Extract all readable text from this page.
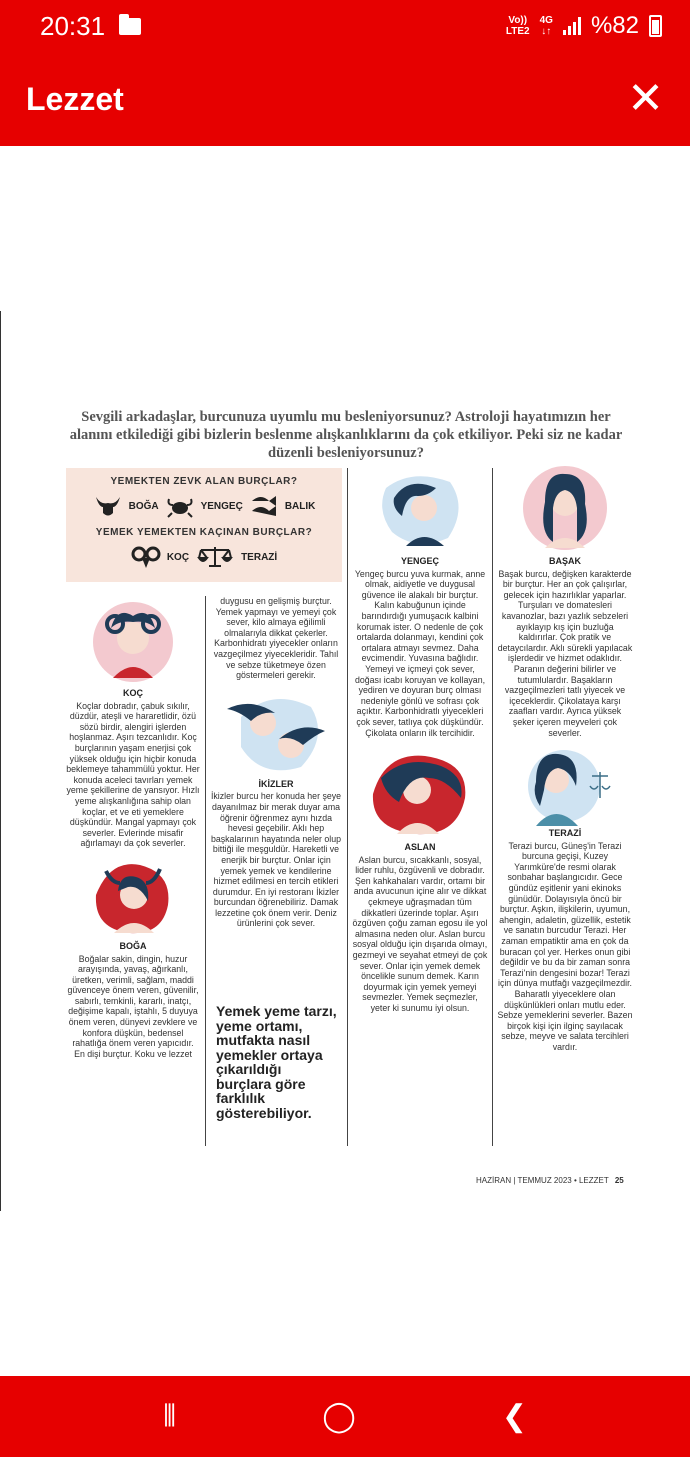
20:31	Vo))
LTE2
4G
↓↑ %82
Lezzet	✕
Sevgili arkadaşlar, burcunuza uyumlu mu besleniyorsunuz? Astroloji hayatımızın her alanını etkilediği gibi bizlerin beslenme alışkanlıklarını da çok etkiliyor. Peki siz ne kadar düzenli besleniyorsunuz?
YEMEKTEN ZEVK ALAN BURÇLAR?
BOĞA	YENGEÇ	BALIK
YEMEK YEMEKTEN KAÇINAN BURÇLAR?
KOÇ	TERAZİ
KOÇ

Koçlar dobradır, çabuk sıkılır, düzdür, ateşli ve hararetlidir, özü sözü birdir, alengiri işlerden hoşlanmaz. Aşırı tezcanlıdır. Koç burçlarının yaşam enerjisi çok yüksek olduğu için hiçbir konuda beklemeye tahammülü yoktur. Her konuda aceleci tavırları yemek yeme şekillerine de yansıyor. Hızlı yeme alışkanlığına sahip olan koçlar, et ve eti yemeklere düşkündür. Mangal yapmayı çok severler. Evlerinde misafir ağırlamayı da çok severler.

BOĞA

Boğalar sakin, dingin, huzur arayışında, yavaş, ağırkanlı, üretken, verimli, sağlam, maddi güvenceye önem veren, güvenilir, sabırlı, temkinli, kararlı, inatçı, değişime kapalı, iştahlı, 5 duyuya önem veren, dünyevi zevklere ve konfora düşkün, bedensel rahatlığa önem veren yapıcıdır. En dişi burçtur. Koku ve lezzet

duygusu en gelişmiş burçtur. Yemek yapmayı ve yemeyi çok sever, kilo almaya eğilimli olmalarıyla dikkat çekerler. Karbonhidratı yiyecekler onların vazgeçilmez yiyecekleridir. Tahıl ve sebze tüketmeye özen göstermeleri gerekir.

İKİZLER

İkizler burcu her konuda her şeye dayanılmaz bir merak duyar ama öğrenir öğrenmez aynı hızda hevesi geçebilir. Aklı hep başkalarının hayatında neler olup bittiği ile meşguldür. Hareketli ve enerjik bir burçtur. Onlar için yemek yemek ve kendilerine hizmet edilmesi en tercih etikleri durumdur. En iyi restoranı İkizler burcundan öğrenebiliriz. Damak lezzetine çok önem verir. Deniz ürünlerini çok sever.

Yemek yeme tarzı, yeme ortamı, mutfakta nasıl yemekler ortaya çıkarıldığı burçlara göre farklılık gösterebiliyor.
YENGEÇ

Yengeç burcu yuva kurmak, anne olmak, aidiyetle ve duygusal güvence ile alakalı bir burçtur. Kalın kabuğunun içinde barındırdığı yumuşacık kalbini korumak ister. O nedenle de çok ortalarda dolanmayı, kendini çok ortalara atmayı sevmez. Daha evcimendir. Yuvasına bağlıdır. Yemeyi ve içmeyi çok sever, doğası icabı koruyan ve kollayan, yediren ve doyuran burç olması nedeniyle gönlü ve sofrası çok açıktır. Karbonhidratlı yiyecekleri çok sever, tatlıya çok düşkündür. Çikolata onların ilk tercihidir.

ASLAN

Aslan burcu, sıcakkanlı, sosyal, lider ruhlu, özgüvenli ve dobradır. Şen kahkahaları vardır, ortamı bir anda avucunun içine alır ve dikkat çekmeye uğraşmadan tüm dikkatleri üzerinde toplar. Aşırı özgüven çoğu zaman egosu ile yol almasına neden olur. Aslan burcu sosyal olduğu için dışarıda olmayı, gezmeyi ve seyahat etmeyi de çok sever. Onlar için yemek demek öncelikle sunum demek. Karın doyurmak için yemek yemeyi sevmezler. Yemek seçmezler, yeter ki sunumu iyi olsun.

BAŞAK

Başak burcu, değişken karakterde bir burçtur. Her an çok çalışırlar, gelecek için hazırlıklar yaparlar. Turşuları ve domatesleri kavanozlar, bazı yazlık sebzeleri ayıklayıp kış için buzluğa kaldırırlar. Çok pratik ve detaycılardır. Aklı sürekli yapılacak işlerdedir ve hizmet odaklıdır. Paranın değerini bilirler ve tutumlulardır. Başakların vazgeçilmezleri tatlı yiyecek ve içeceklerdir. Çikolataya karşı zaafları vardır. Ayrıca yüksek şeker içeren meyveleri çok severler.

TERAZİ

Terazi burcu, Güneş'in Terazi burcuna geçişi, Kuzey Yarımküre'de resmi olarak sonbahar başlangıcıdır. Gece gündüz eşitlenir yani ekinoks günüdür. Dolayısıyla öncü bir burçtur. Aşkın, ilişkilerin, uyumun, ahengin, adaletin, güzellik, estetik ve sanatın burcudur Terazi. Her zaman empatiktir ama en çok da buracan çol yer. Herkes onun gibi değildir ve bu da bir zaman sonra Terazi'nin dengesini bozar! Terazi için dünya mutfağı vazgeçilmezdir. Baharatlı yiyeceklere olan düşkünlükleri onları mutlu eder. Sebze yemeklerini severler. Bazen birçok kişi için ilginç sayılacak sebze, meyve ve salata tercihleri vardır.

HAZİRAN | TEMMUZ 2023 • LEZZET 25
⦀	◯	❮
